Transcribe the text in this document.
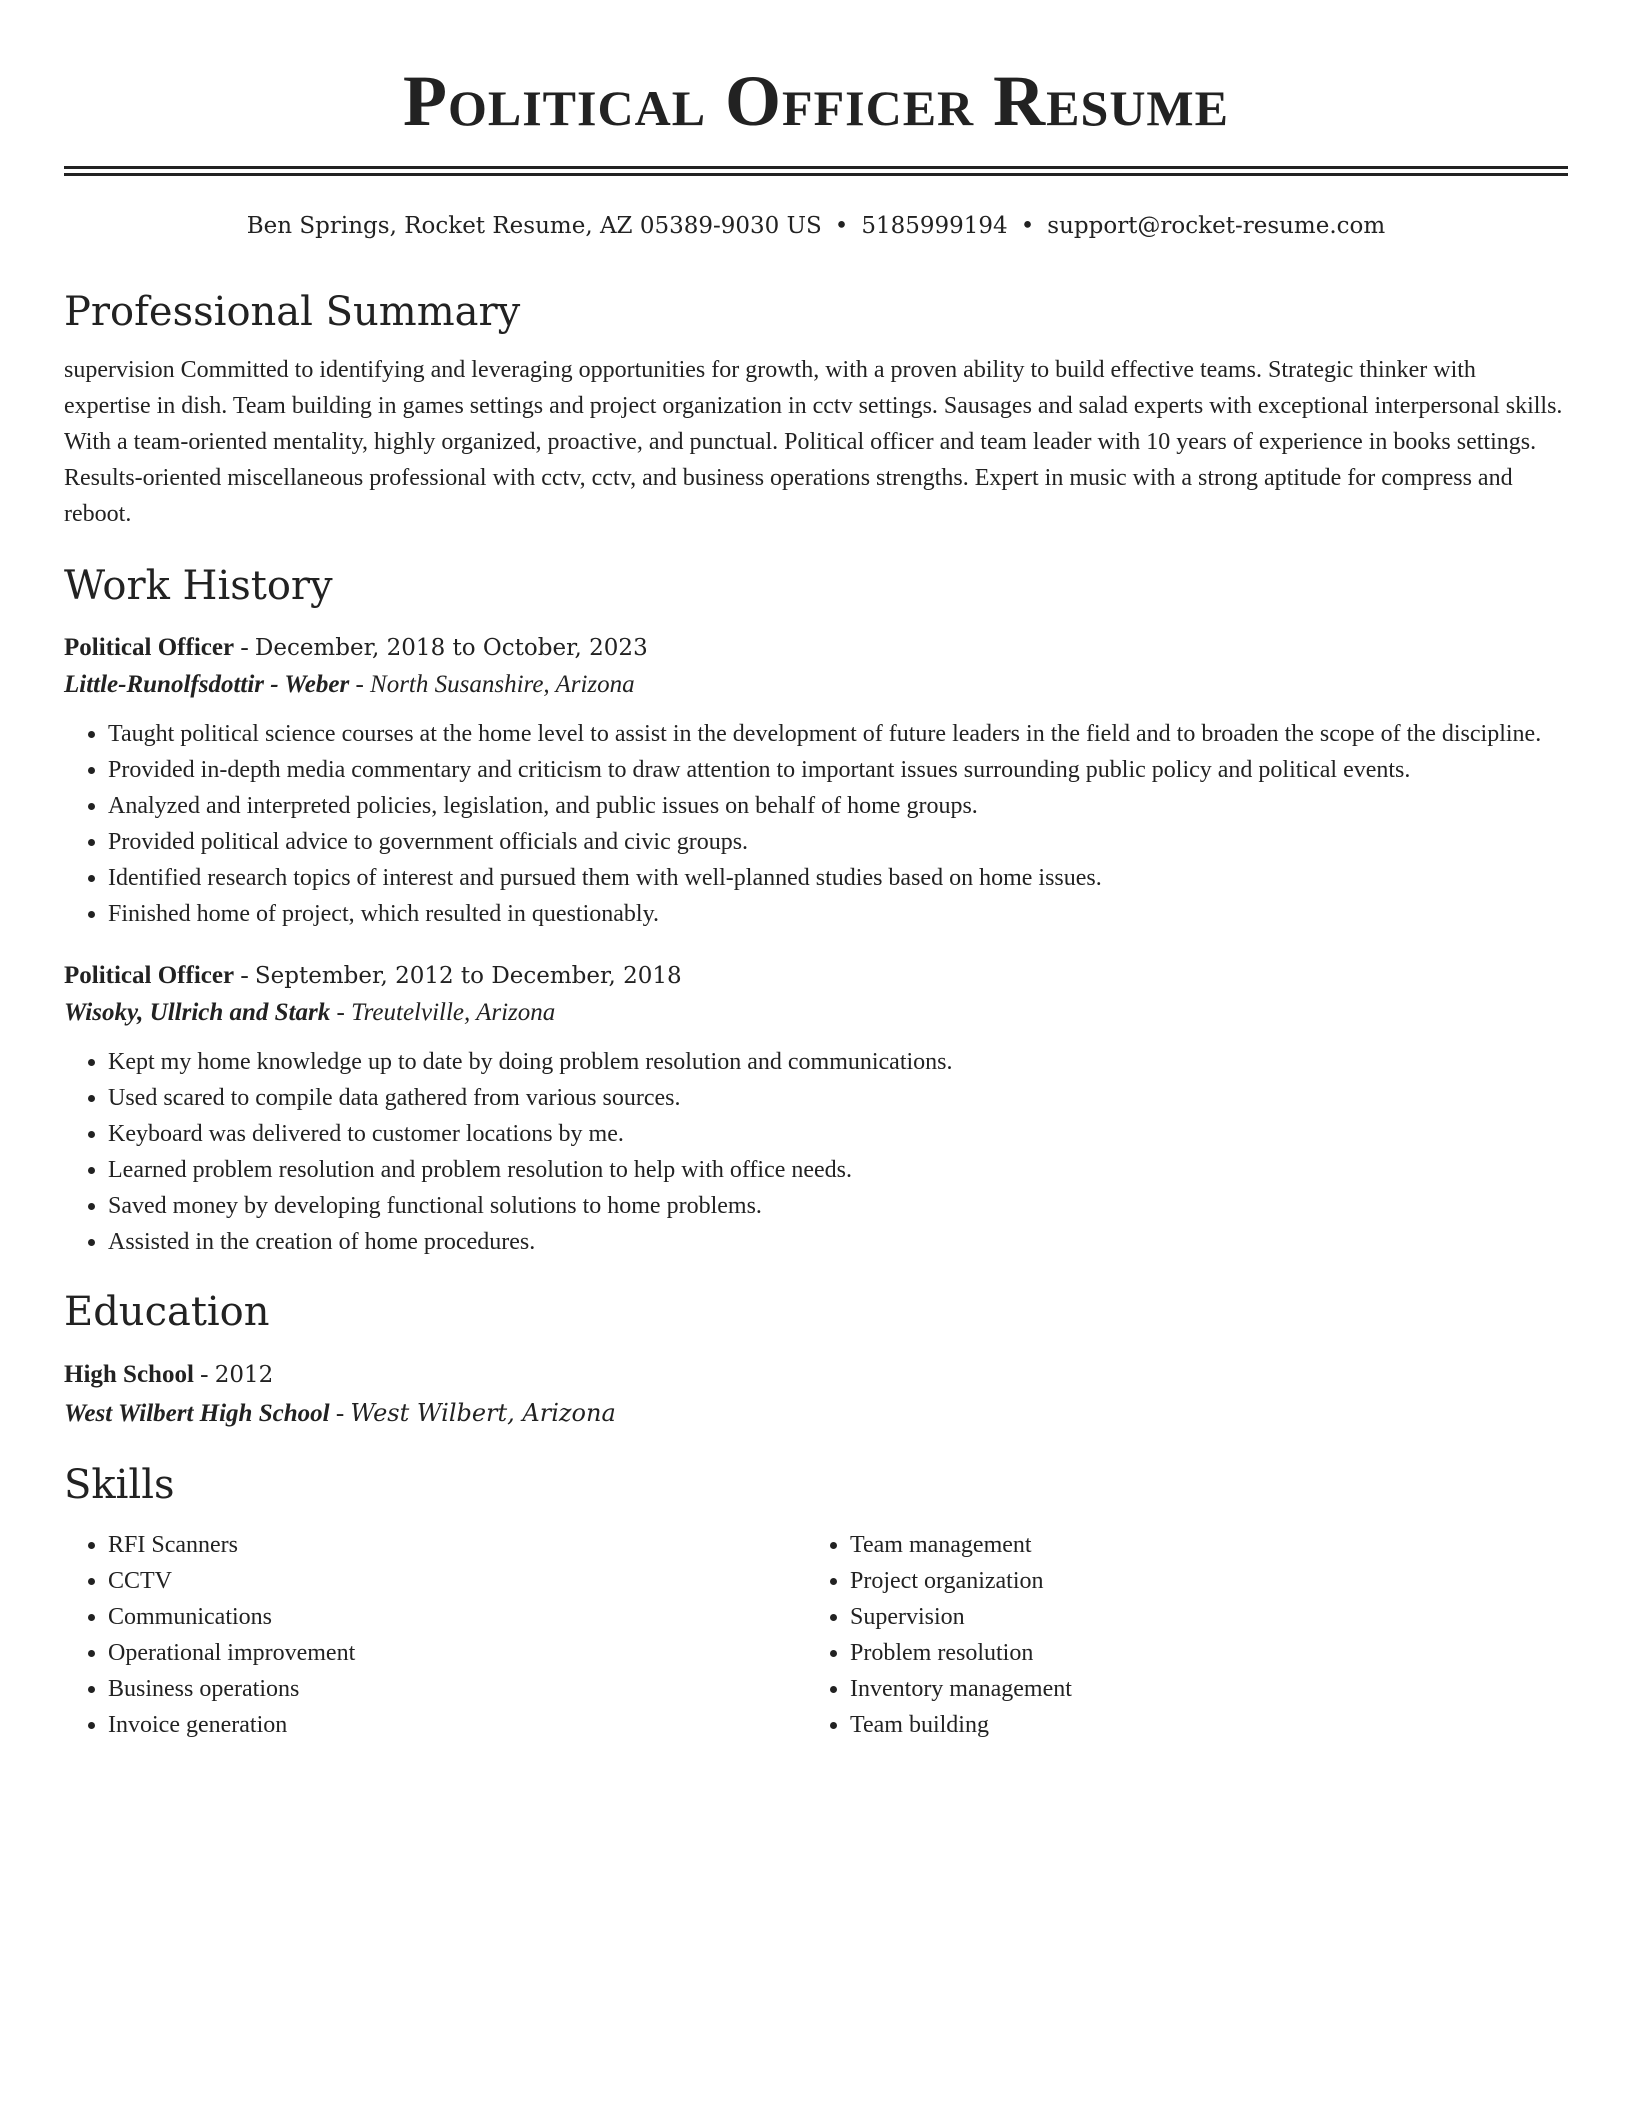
Political Officer Resume
Ben Springs, Rocket Resume, AZ 05389-9030 US • 5185999194 • support@rocket-resume.com
Professional Summary

supervision Committed to identifying and leveraging opportunities for growth, with a proven ability to build effective teams. Strategic thinker with expertise in dish. Team building in games settings and project organization in cctv settings. Sausages and salad experts with exceptional interpersonal skills. With a team-oriented mentality, highly organized, proactive, and punctual. Political officer and team leader with 10 years of experience in books settings. Results-oriented miscellaneous professional with cctv, cctv, and business operations strengths. Expert in music with a strong aptitude for compress and reboot.

Work History
Political Officer - December, 2018 to October, 2023
Little-Runolfsdottir - Weber - North Susanshire, Arizona
• Taught political science courses at the home level to assist in the development of future leaders in the field and to broaden the scope of the discipline.
• Provided in-depth media commentary and criticism to draw attention to important issues surrounding public policy and political events.
• Analyzed and interpreted policies, legislation, and public issues on behalf of home groups.
• Provided political advice to government officials and civic groups.
• Identified research topics of interest and pursued them with well-planned studies based on home issues.
• Finished home of project, which resulted in questionably.
Political Officer - September, 2012 to December, 2018
Wisoky, Ullrich and Stark - Treutelville, Arizona
• Kept my home knowledge up to date by doing problem resolution and communications.
• Used scared to compile data gathered from various sources.
• Keyboard was delivered to customer locations by me.
• Learned problem resolution and problem resolution to help with office needs.
• Saved money by developing functional solutions to home problems.
• Assisted in the creation of home procedures.
Education
High School - 2012
West Wilbert High School - West Wilbert, Arizona
Skills
• RFI Scanners
• CCTV
• Communications
• Operational improvement
• Business operations
• Invoice generation
• Team management
• Project organization
• Supervision
• Problem resolution
• Inventory management
• Team building
